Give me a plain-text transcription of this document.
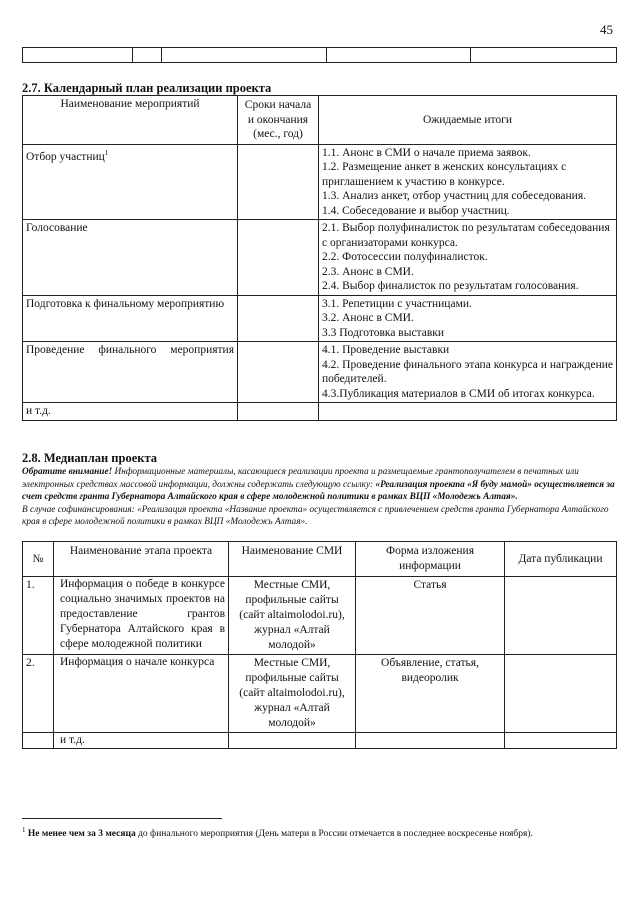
45

2.7. Календарный план реализации проекта
Наименование мероприятий	Сроки начала и окончания (мес., год)	Ожидаемые итоги
Отбор участниц$^1$		1.1. Анонс в СМИ о начале приема заявок.
1.2. Размещение анкет в женских консультациях с приглашением к участию в конкурсе.
1.3. Анализ анкет, отбор участниц для собеседования.
1.4. Собеседование и выбор участниц.

Голосование		2.1. Выбор полуфиналисток по результатам собеседования с организаторами конкурса.
2.2. Фотосессии полуфиналисток.
2.3. Анонс в СМИ.
2.4. Выбор финалисток по результатам голосования.

Подготовка к финальному мероприятию		3.1. Репетиции с участницами.
3.2. Анонс в СМИ.
3.3 Подготовка выставки

Проведение финального мероприятия		4.1. Проведение выставки
4.2. Проведение финального этапа конкурса и награждение победителей.
4.3.Публикация материалов в СМИ об итогах конкурса.

и т.д.		
2.8. Медиаплан проекта
Обратите внимание! Информационные материалы, касающиеся реализации проекта и размещаемые грантополучателем в печатных или электронных средствах массовой информации, должны содержать следующую ссылку: «Реализация проекта «Я буду мамой» осуществляется за счет средств гранта Губернатора Алтайского края в сфере молодежной политики в рамках ВЦП «Молодежь Алтая».
В случае софинансирования: «Реализация проекта «Название проекта» осуществляется с привлечением средств гранта Губернатора Алтайского края в сфере молодежной политики в рамках ВЦП «Молодежь Алтая».
№	Наименование этапа проекта	Наименование СМИ	Форма изложения информации	Дата публикации
1.	Информация о победе в конкурсе социально значимых проектов на предоставление грантов Губернатора Алтайского края в сфере молодежной политики	Местные СМИ, профильные сайты (сайт altaimolodoi.ru), журнал «Алтай молодой»	Статья	
2.	Информация о начале конкурса	Местные СМИ, профильные сайты (сайт altaimolodoi.ru), журнал «Алтай молодой»	Объявление, статья, видеоролик	
	и т.д.			
$^1$ Не менее чем за 3 месяца до финального мероприятия (День матери в России отмечается в последнее воскресенье ноября).
